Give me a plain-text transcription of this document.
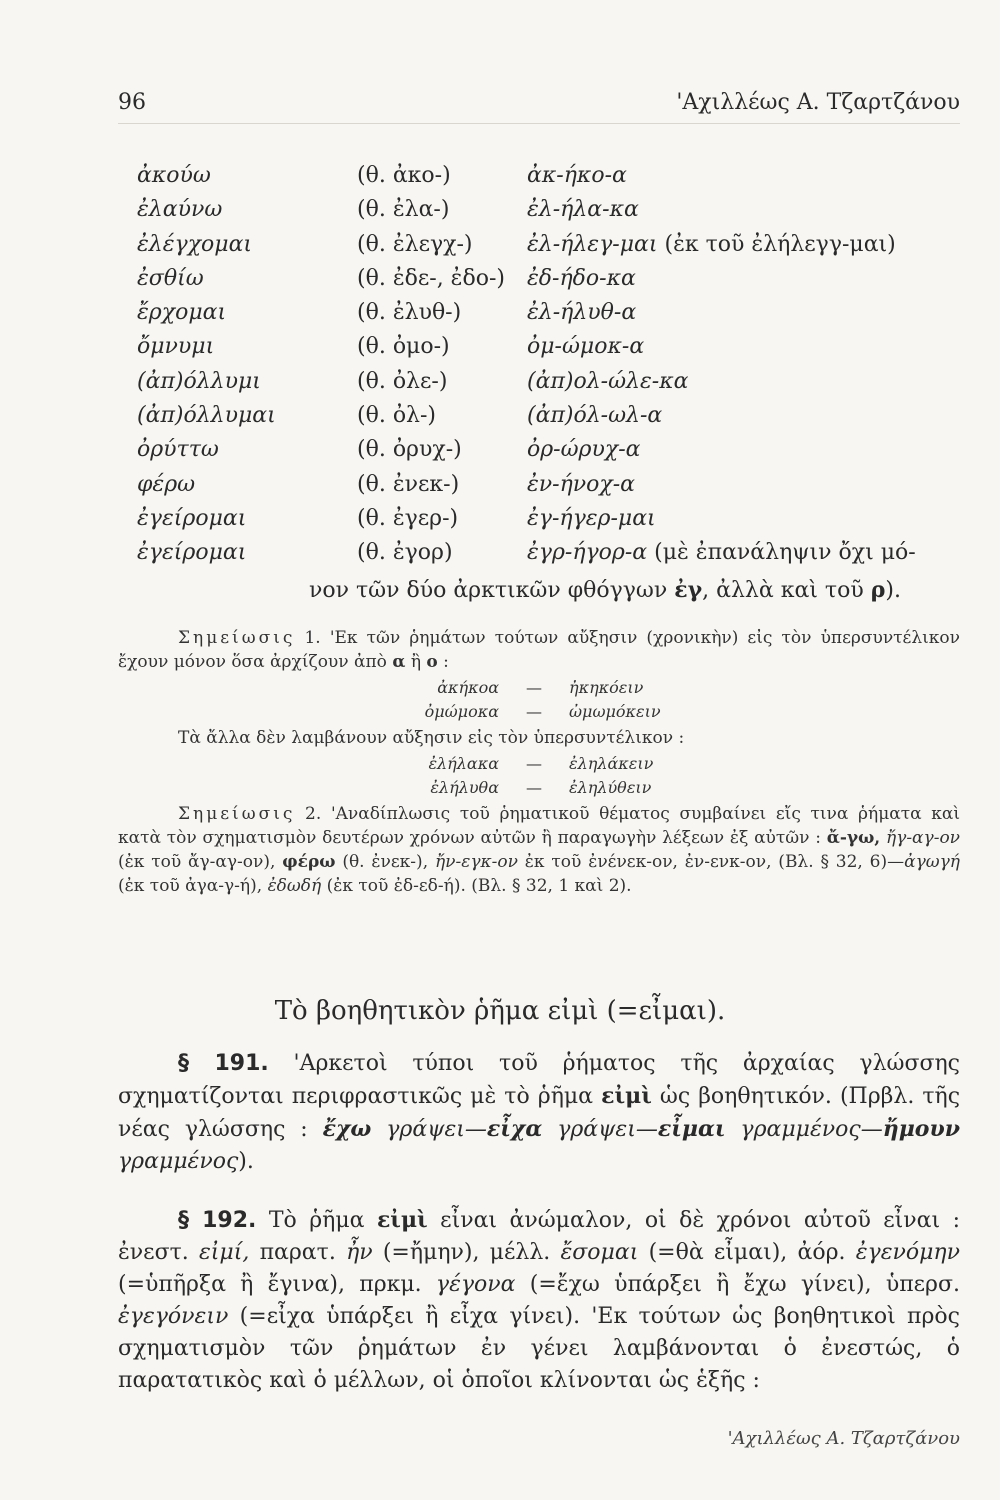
96	'Αχιλλέως Α. Τζαρτζάνου
ἀκούω	(θ. ἀκο-)	ἀκ-ήκο-α
ἐλαύνω	(θ. ἐλα-)	ἐλ-ήλα-κα
ἐλέγχομαι	(θ. ἐλεγχ-)	ἐλ-ήλεγ-μαι (ἐκ τοῦ ἐλήλεγγ-μαι)
ἐσθίω	(θ. ἐδε-, ἐδο-)	ἐδ-ήδο-κα
ἔρχομαι	(θ. ἐλυθ-)	ἐλ-ήλυθ-α
ὄμνυμι	(θ. ὀμο-)	ὀμ-ώμοκ-α
(ἀπ)όλλυμι	(θ. ὀλε-)	(ἀπ)ολ-ώλε-κα
(ἀπ)όλλυμαι	(θ. ὀλ-)	(ἀπ)όλ-ωλ-α
ὀρύττω	(θ. ὀρυχ-)	ὀρ-ώρυχ-α
φέρω	(θ. ἐνεκ-)	ἐν-ήνοχ-α
ἐγείρομαι	(θ. ἐγερ-)	ἐγ-ήγερ-μαι
ἐγείρομαι	(θ. ἐγορ)	ἐγρ-ήγορ-α (μὲ ἐπανάληψιν ὄχι μό-
νον τῶν δύο ἀρκτικῶν φθόγγων ἐγ, ἀλλὰ καὶ τοῦ ρ).

Σημείωσις 1. 'Εκ τῶν ῥημάτων τούτων αὔξησιν (χρονικὴν) εἰς τὸν ὑπερσυντέλικον ἔχουν μόνον ὅσα ἀρχίζουν ἀπὸ α ἢ ο :

ἀκήκοα	—	ἠκηκόειν
ὀμώμοκα	—	ὠμωμόκειν

Τὰ ἄλλα δὲν λαμβάνουν αὔξησιν εἰς τὸν ὑπερσυντέλικον :

ἐλήλακα	—	ἐληλάκειν
ἐλήλυθα	—	ἐληλύθειν

Σημείωσις 2. 'Αναδίπλωσις τοῦ ῥηματικοῦ θέματος συμβαίνει εἴς τινα ῥήματα καὶ κατὰ τὸν σχηματισμὸν δευτέρων χρόνων αὐτῶν ἢ παραγωγὴν λέξεων ἐξ αὐτῶν : ἄ-γω, ἤγ-αγ-ον (ἐκ τοῦ ἄγ-αγ-ον), φέρω (θ. ἐνεκ-), ἤν-εγκ-ον ἐκ τοῦ ἐνένεκ-ον, ἐν-ενκ-ον, (Βλ. § 32, 6)—ἀγωγή (ἐκ τοῦ ἀγα-γ-ή), ἐδωδή (ἐκ τοῦ ἐδ-εδ-ή). (Βλ. § 32, 1 καὶ 2).

Τὸ βοηθητικὸν ῥῆμα εἰμὶ (=εἶμαι).

§ 191. 'Αρκετοὶ τύποι τοῦ ῥήματος τῆς ἀρχαίας γλώσσης σχηματίζονται περιφραστικῶς μὲ τὸ ῥῆμα εἰμὶ ὡς βοηθητικόν. (Πρβλ. τῆς νέας γλώσσης : ἔχω γράψει—εἶχα γράψει—εἶμαι γραμμένος—ἤμουν γραμμένος).

§ 192. Τὸ ῥῆμα εἰμὶ εἶναι ἀνώμαλον, οἱ δὲ χρόνοι αὐτοῦ εἶναι : ἐνεστ. εἰμί, παρατ. ἦν (=ἤμην), μέλλ. ἔσομαι (=θὰ εἶμαι), ἀόρ. ἐγενόμην (=ὑπῆρξα ἢ ἔγινα), πρκμ. γέγονα (=ἔχω ὑπάρξει ἢ ἔχω γίνει), ὑπερσ. ἐγεγόνειν (=εἶχα ὑπάρξει ἢ εἶχα γίνει). 'Εκ τούτων ὡς βοηθητικοὶ πρὸς σχηματισμὸν τῶν ῥημάτων ἐν γένει λαμβάνονται ὁ ἐνεστώς, ὁ παρατατικὸς καὶ ὁ μέλλων, οἱ ὁποῖοι κλίνονται ὡς ἑξῆς :

'Αχιλλέως Α. Τζαρτζάνου
